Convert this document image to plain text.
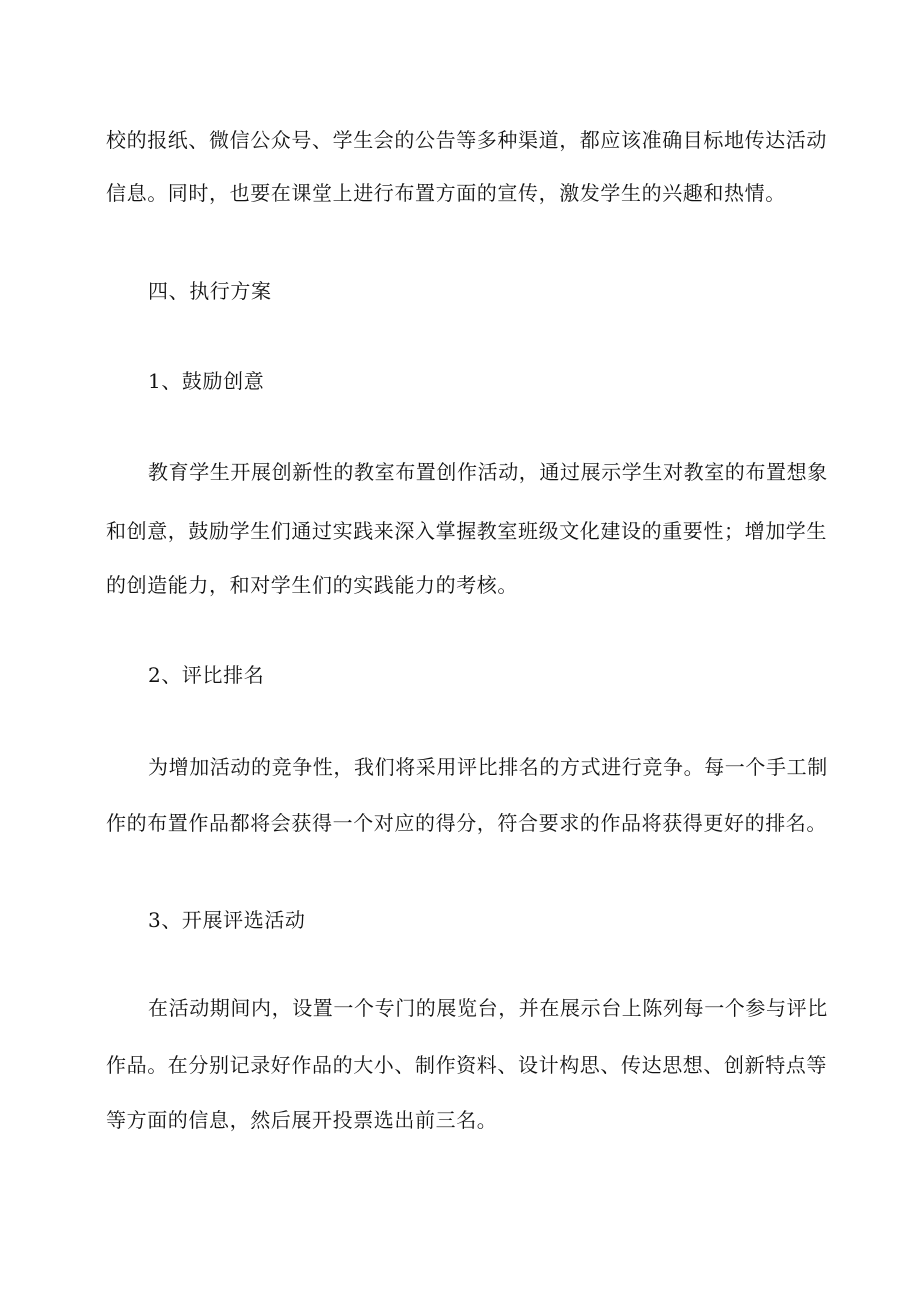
校的报纸、微信公众号、学生会的公告等多种渠道，都应该准确目标地传达活动
信息。同时，也要在课堂上进行布置方面的宣传，激发学生的兴趣和热情。
四、执行方案
1、鼓励创意
教育学生开展创新性的教室布置创作活动，通过展示学生对教室的布置想象
和创意，鼓励学生们通过实践来深入掌握教室班级文化建设的重要性；增加学生
的创造能力，和对学生们的实践能力的考核。
2、评比排名
为增加活动的竞争性，我们将采用评比排名的方式进行竞争。每一个手工制
作的布置作品都将会获得一个对应的得分，符合要求的作品将获得更好的排名。
3、开展评选活动
在活动期间内，设置一个专门的展览台，并在展示台上陈列每一个参与评比
作品。在分别记录好作品的大小、制作资料、设计构思、传达思想、创新特点等
等方面的信息，然后展开投票选出前三名。
